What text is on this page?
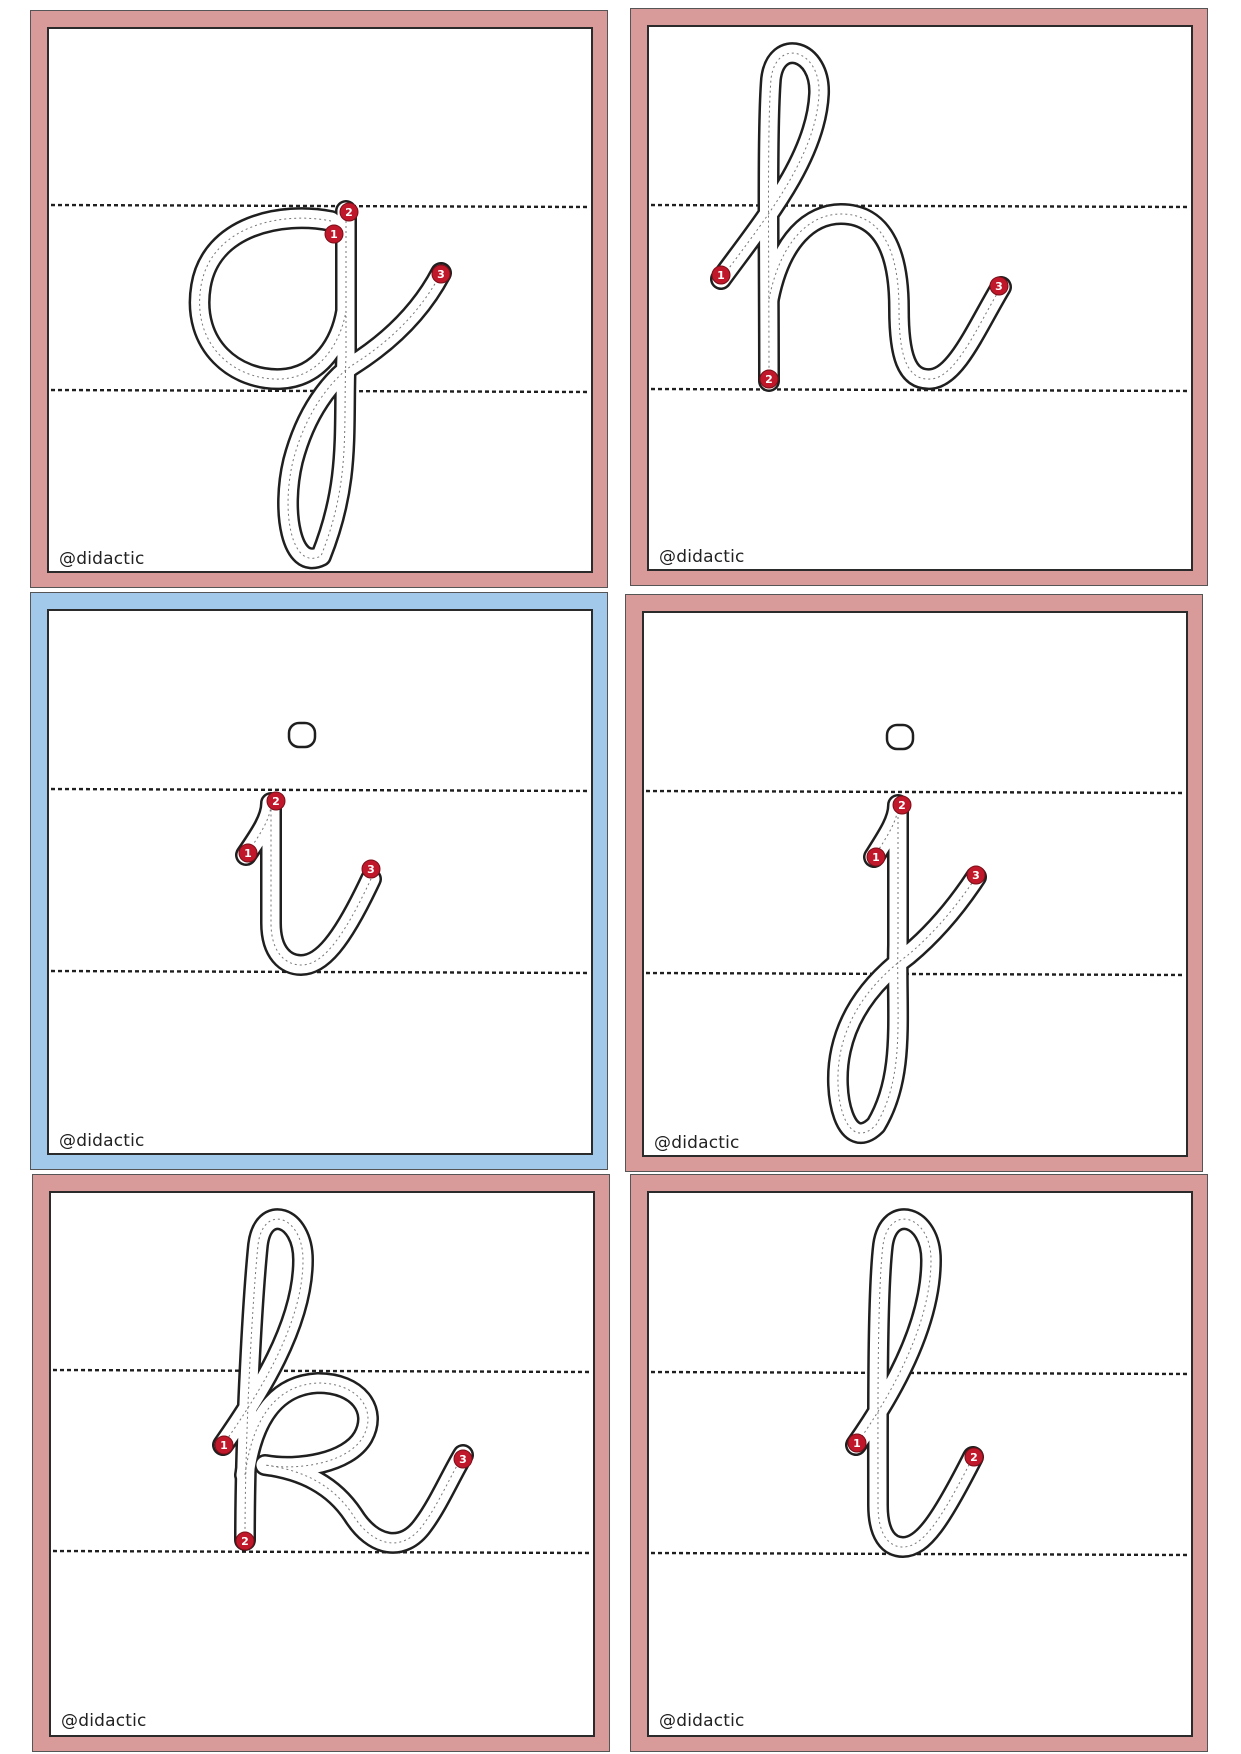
1
2
3
@didactic
1
2
3
@didactic
1
2
3
@didactic
1
2
3
@didactic
1
2
3
@didactic
1
2
@didactic
